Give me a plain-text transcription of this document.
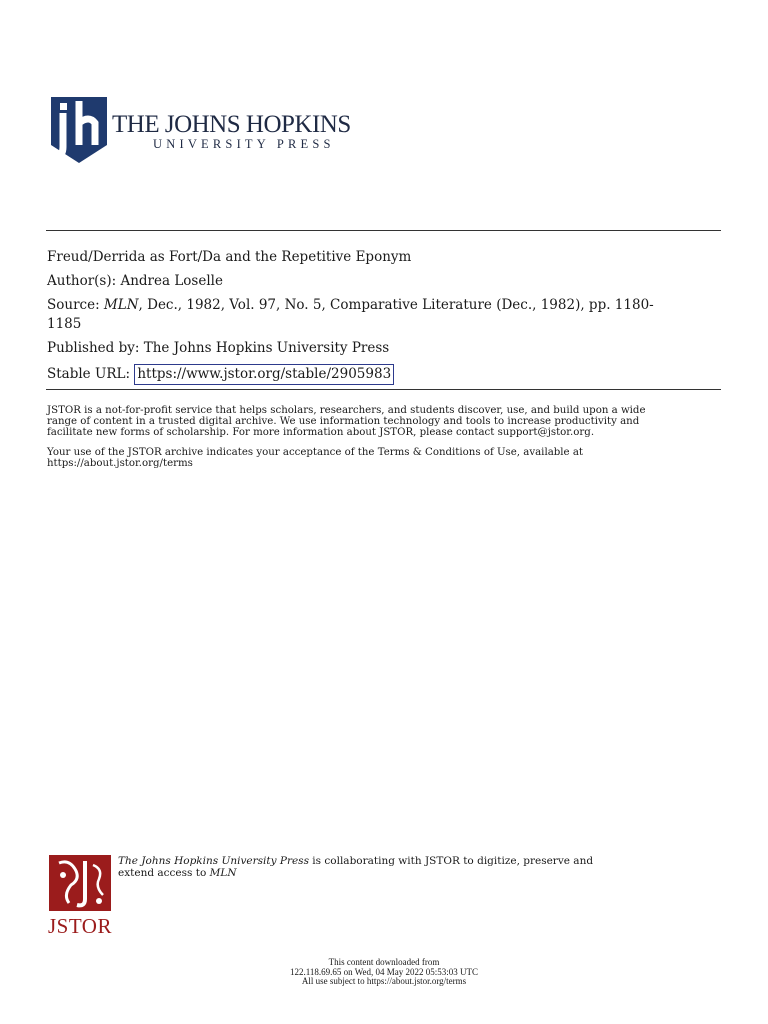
THE JOHNS HOPKINS
UNIVERSITY PRESS
Freud/Derrida as Fort/Da and the Repetitive Eponym
Author(s): Andrea Loselle
Source: MLN, Dec., 1982, Vol. 97, No. 5, Comparative Literature (Dec., 1982), pp. 1180-
1185
Published by: The Johns Hopkins University Press
Stable URL: https://www.jstor.org/stable/2905983
JSTOR is a not-for-profit service that helps scholars, researchers, and students discover, use, and build upon a wide
range of content in a trusted digital archive. We use information technology and tools to increase productivity and
facilitate new forms of scholarship. For more information about JSTOR, please contact support@jstor.org.
Your use of the JSTOR archive indicates your acceptance of the Terms & Conditions of Use, available at
https://about.jstor.org/terms
JSTOR
The Johns Hopkins University Press is collaborating with JSTOR to digitize, preserve and
extend access to MLN
This content downloaded from
122.118.69.65 on Wed, 04 May 2022 05:53:03 UTC
All use subject to https://about.jstor.org/terms
